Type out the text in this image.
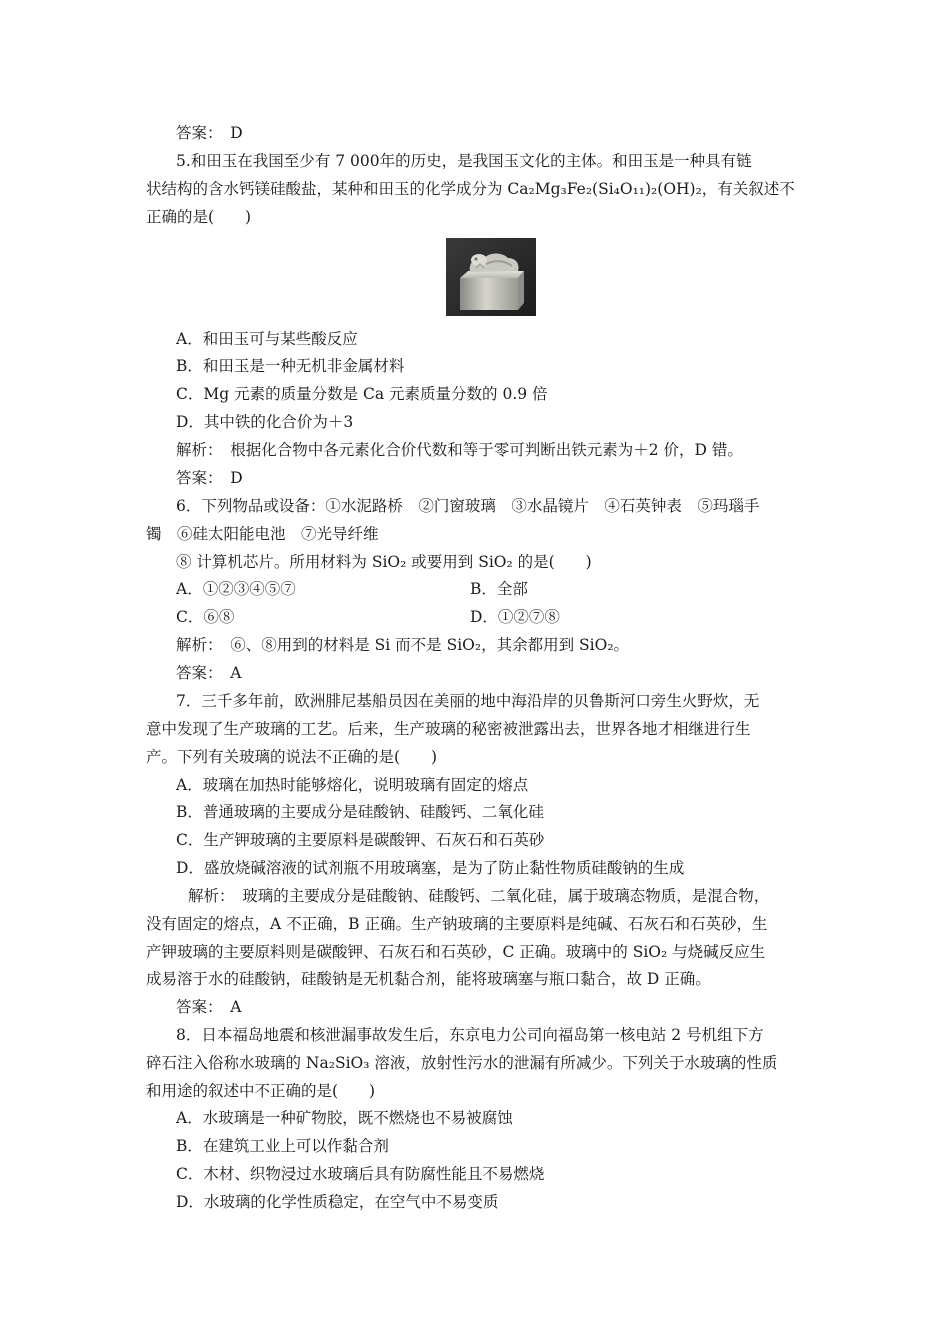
答案：　D
5.和田玉在我国至少有 7 000年的历史，是我国玉文化的主体。和田玉是一种具有链
状结构的含水钙镁硅酸盐，某种和田玉的化学成分为 Ca₂Mg₃Fe₂(Si₄O₁₁)₂(OH)₂，有关叙述不
正确的是(　　)
A．和田玉可与某些酸反应
B．和田玉是一种无机非金属材料
C．Mg 元素的质量分数是 Ca 元素质量分数的 0.9 倍
D．其中铁的化合价为＋3
解析：　根据化合物中各元素化合价代数和等于零可判断出铁元素为＋2 价，D 错。
答案：　D
6．下列物品或设备：①水泥路桥　②门窗玻璃　③水晶镜片　④石英钟表　⑤玛瑙手
镯　⑥硅太阳能电池　⑦光导纤维
⑧ 计算机芯片。所用材料为 SiO₂ 或要用到 SiO₂ 的是(　　)
A．①②③④⑤⑦	B．全部
C．⑥⑧	D．①②⑦⑧
解析：　⑥、⑧用到的材料是 Si 而不是 SiO₂，其余都用到 SiO₂。
答案：　A
7．三千多年前，欧洲腓尼基船员因在美丽的地中海沿岸的贝鲁斯河口旁生火野炊，无
意中发现了生产玻璃的工艺。后来，生产玻璃的秘密被泄露出去，世界各地才相继进行生
产。下列有关玻璃的说法不正确的是(　　)
A．玻璃在加热时能够熔化，说明玻璃有固定的熔点
B．普通玻璃的主要成分是硅酸钠、硅酸钙、二氧化硅
C．生产钾玻璃的主要原料是碳酸钾、石灰石和石英砂
D．盛放烧碱溶液的试剂瓶不用玻璃塞，是为了防止黏性物质硅酸钠的生成
解析：　玻璃的主要成分是硅酸钠、硅酸钙、二氧化硅，属于玻璃态物质，是混合物，
没有固定的熔点，A 不正确，B 正确。生产钠玻璃的主要原料是纯碱、石灰石和石英砂，生
产钾玻璃的主要原料则是碳酸钾、石灰石和石英砂，C 正确。玻璃中的 SiO₂ 与烧碱反应生
成易溶于水的硅酸钠，硅酸钠是无机黏合剂，能将玻璃塞与瓶口黏合，故 D 正确。
答案：　A
8．日本福岛地震和核泄漏事故发生后，东京电力公司向福岛第一核电站 2 号机组下方
碎石注入俗称水玻璃的 Na₂SiO₃ 溶液，放射性污水的泄漏有所减少。下列关于水玻璃的性质
和用途的叙述中不正确的是(　　)
A．水玻璃是一种矿物胶，既不燃烧也不易被腐蚀
B．在建筑工业上可以作黏合剂
C．木材、织物浸过水玻璃后具有防腐性能且不易燃烧
D．水玻璃的化学性质稳定，在空气中不易变质
